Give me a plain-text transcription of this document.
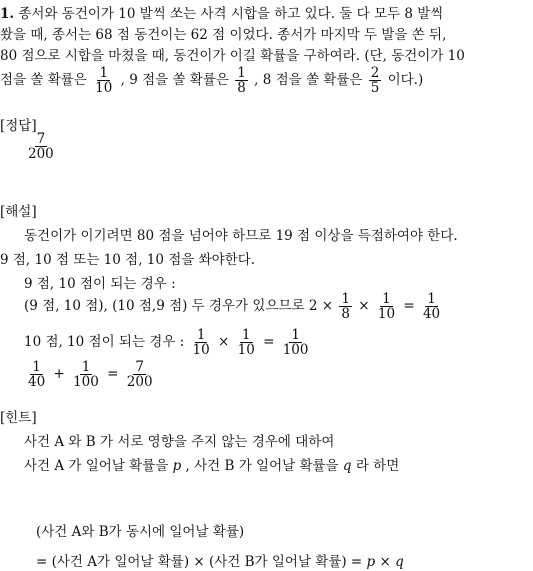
1. 종서와 동건이가 10 발씩 쏘는 사격 시합을 하고 있다. 둘 다 모두 8 발씩
쐈을 때, 종서는 68 점 동건이는 62 점 이었다. 종서가 마지막 두 발을 쏜 뒤,
80 점으로 시합을 마쳤을 때, 동건이가 이길 확률을 구하여라. (단, 동건이가 10
점을 쏠 확률은 $\frac{1}{10}$ , 9 점을 쏠 확률은 $\frac{1}{8}$ , 8 점을 쏠 확률은 $\frac{2}{5}$ 이다.)
[정답]
$\frac{7}{200}$
[해설]
동건이가 이기려면 80 점을 넘어야 하므로 19 점 이상을 득점하여야 한다.
9 점, 10 점 또는 10 점, 10 점을 쏴야한다.
9 점, 10 점이 되는 경우 :
(9 점, 10 점), (10 점,9 점) 두 경우가 있으므로 $2 \times \frac{1}{8} \times \frac{1}{10} = \frac{1}{40}$
10 점, 10 점이 되는 경우 : $\frac{1}{10} \times \frac{1}{10} = \frac{1}{100}$
$\frac{1}{40} + \frac{1}{100} = \frac{7}{200}$
[힌트]
사건 A 와 B 가 서로 영향을 주지 않는 경우에 대하여
사건 A 가 일어날 확률을 p , 사건 B 가 일어날 확률을 q 라 하면
(사건 A와 B가 동시에 일어날 확률)
= (사건 A가 일어날 확률) × (사건 B가 일어날 확률) = p × q
